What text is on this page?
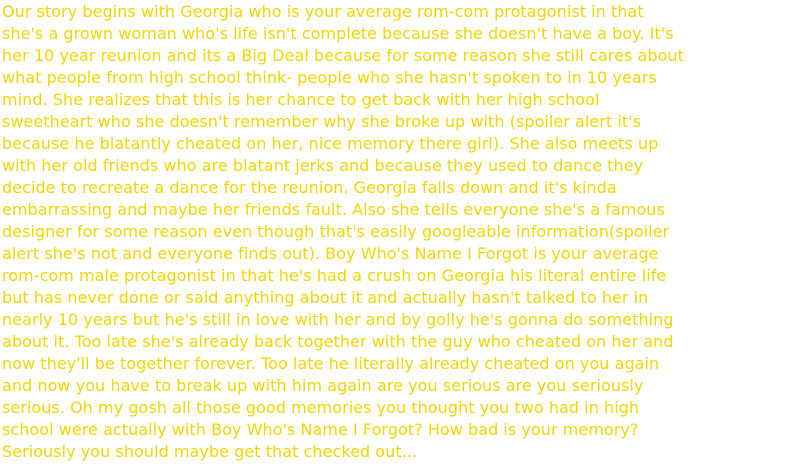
Our story begins with Georgia who is your average rom-com protagonist in that
she's a grown woman who's life isn't complete because she doesn't have a boy. It's
her 10 year reunion and its a Big Deal because for some reason she still cares about
what people from high school think- people who she hasn't spoken to in 10 years
mind. She realizes that this is her chance to get back with her high school
sweetheart who she doesn't remember why she broke up with (spoiler alert it's
because he blatantly cheated on her, nice memory there girl). She also meets up
with her old friends who are blatant jerks and because they used to dance they
decide to recreate a dance for the reunion. Georgia falls down and it's kinda
embarrassing and maybe her friends fault. Also she tells everyone she's a famous
designer for some reason even though that's easily googleable information(spoiler
alert she's not and everyone finds out). Boy Who's Name I Forgot is your average
rom-com male protagonist in that he's had a crush on Georgia his literal entire life
but has never done or said anything about it and actually hasn't talked to her in
nearly 10 years but he's still in love with her and by golly he's gonna do something
about it. Too late she's already back together with the guy who cheated on her and
now they'll be together forever. Too late he literally already cheated on you again
and now you have to break up with him again are you serious are you seriously
serious. Oh my gosh all those good memories you thought you two had in high
school were actually with Boy Who's Name I Forgot? How bad is your memory?
Seriously you should maybe get that checked out...
